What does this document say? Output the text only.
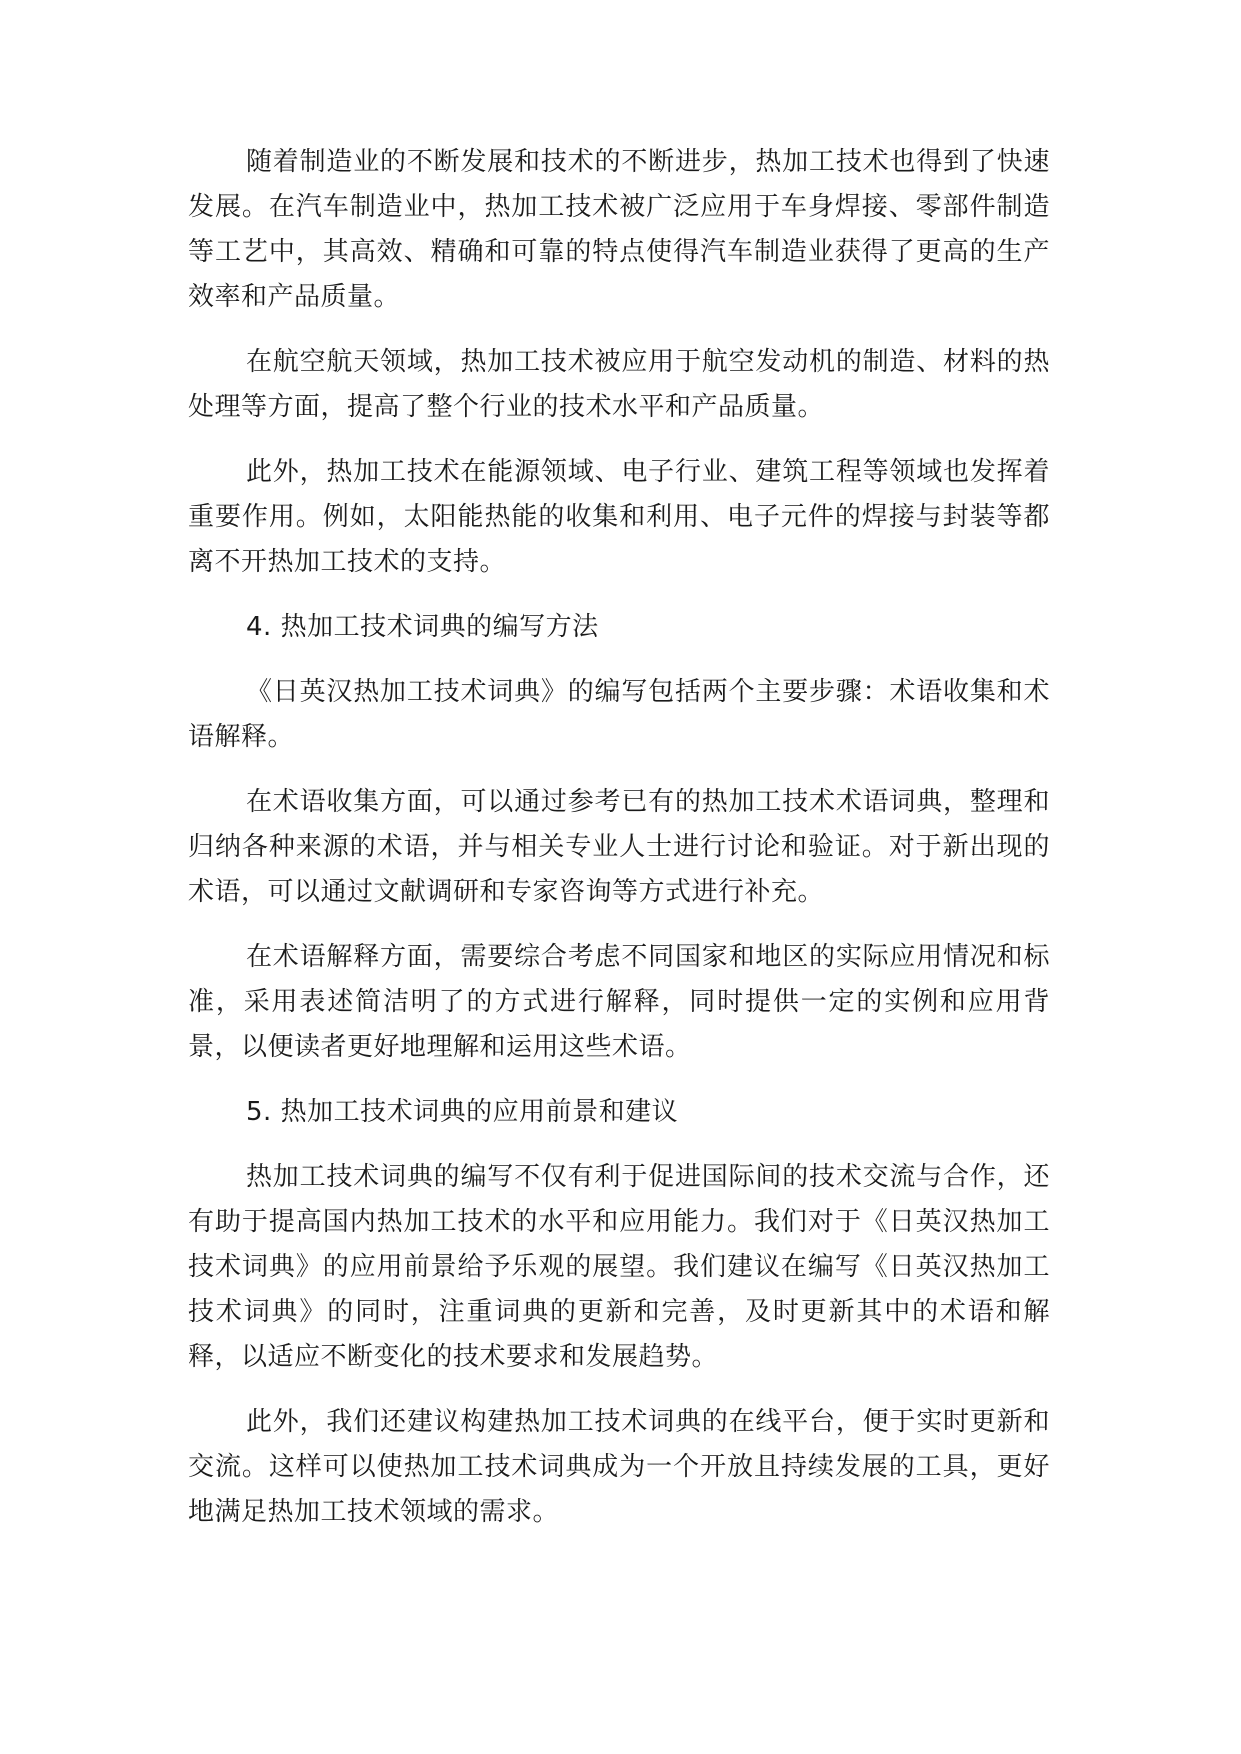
随着制造业的不断发展和技术的不断进步，热加工技术也得到了快速发展。在汽车制造业中，热加工技术被广泛应用于车身焊接、零部件制造等工艺中，其高效、精确和可靠的特点使得汽车制造业获得了更高的生产效率和产品质量。

在航空航天领域，热加工技术被应用于航空发动机的制造、材料的热处理等方面，提高了整个行业的技术水平和产品质量。

此外，热加工技术在能源领域、电子行业、建筑工程等领域也发挥着重要作用。例如，太阳能热能的收集和利用、电子元件的焊接与封装等都离不开热加工技术的支持。

4. 热加工技术词典的编写方法

《日英汉热加工技术词典》的编写包括两个主要步骤：术语收集和术语解释。

在术语收集方面，可以通过参考已有的热加工技术术语词典，整理和归纳各种来源的术语，并与相关专业人士进行讨论和验证。对于新出现的术语，可以通过文献调研和专家咨询等方式进行补充。

在术语解释方面，需要综合考虑不同国家和地区的实际应用情况和标准，采用表述简洁明了的方式进行解释，同时提供一定的实例和应用背景，以便读者更好地理解和运用这些术语。

5. 热加工技术词典的应用前景和建议

热加工技术词典的编写不仅有利于促进国际间的技术交流与合作，还有助于提高国内热加工技术的水平和应用能力。我们对于《日英汉热加工技术词典》的应用前景给予乐观的展望。我们建议在编写《日英汉热加工技术词典》的同时，注重词典的更新和完善，及时更新其中的术语和解释，以适应不断变化的技术要求和发展趋势。

此外，我们还建议构建热加工技术词典的在线平台，便于实时更新和交流。这样可以使热加工技术词典成为一个开放且持续发展的工具，更好地满足热加工技术领域的需求。
